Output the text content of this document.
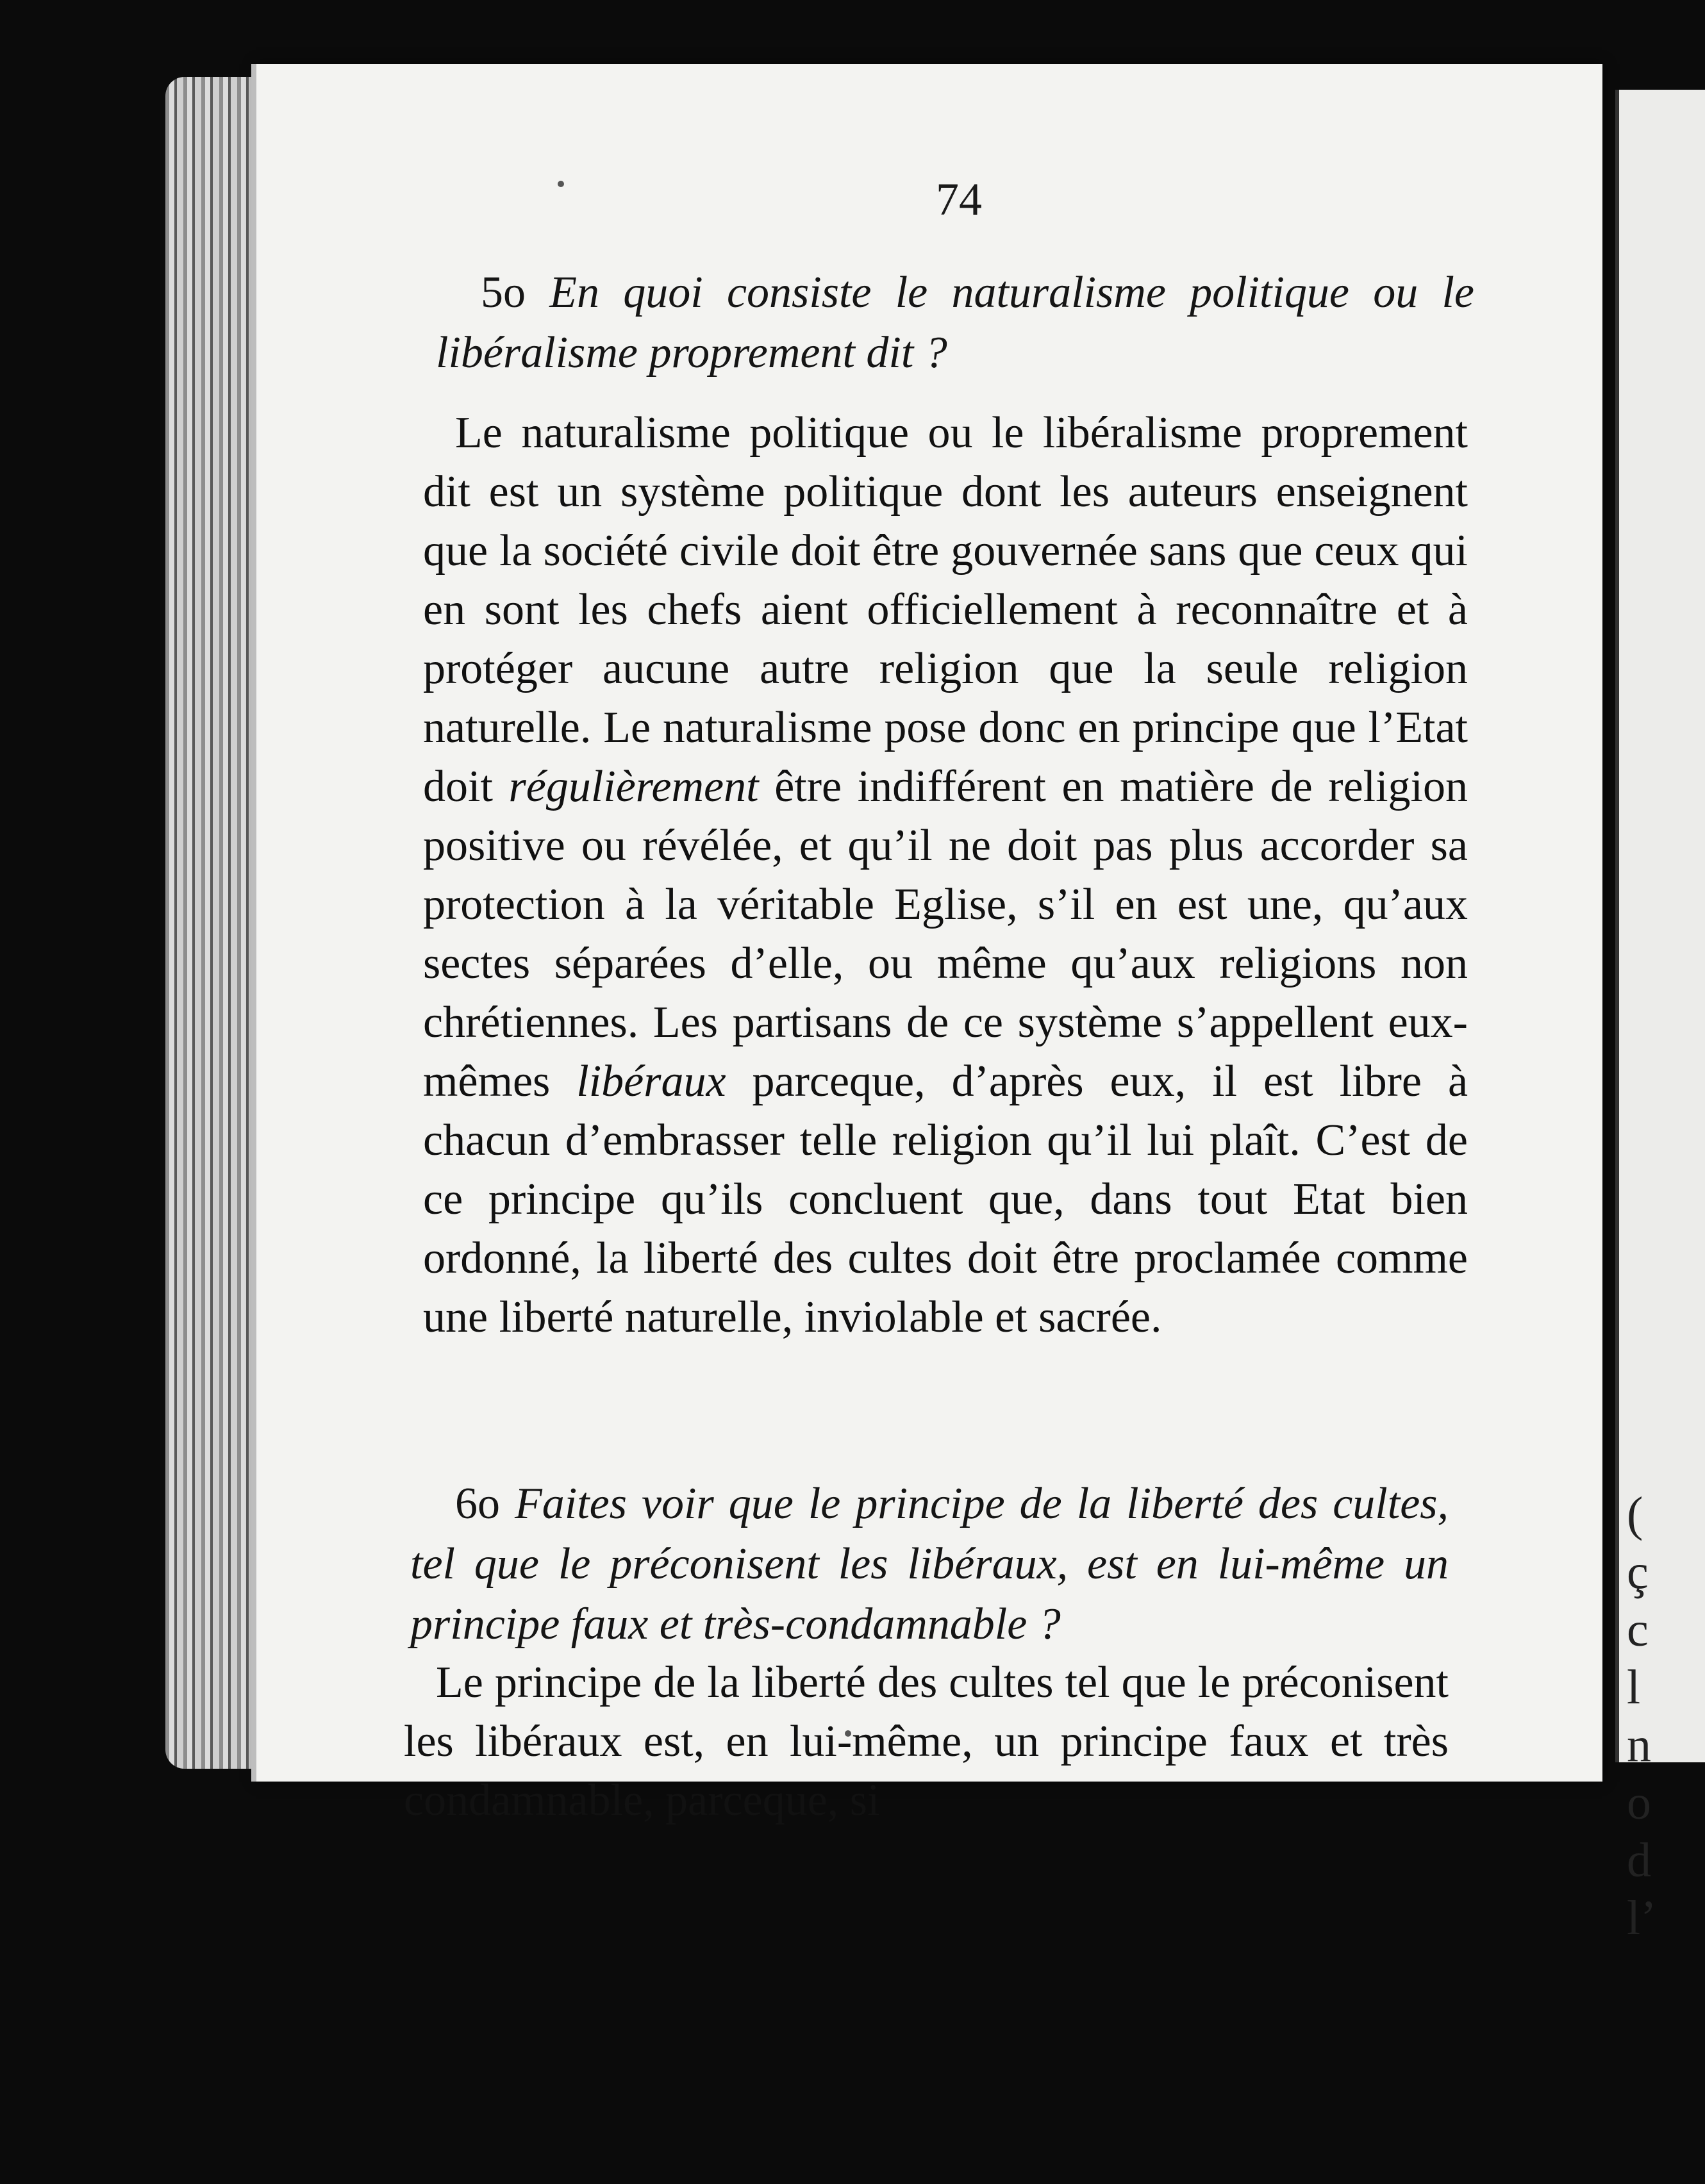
(
ç
c
l
n
o
d
l’
74
5o En quoi consiste le naturalisme politique ou le libéralisme proprement dit ?

Le naturalisme politique ou le libéralisme proprement dit est un système politique dont les auteurs enseignent que la société civile doit être gouvernée sans que ceux qui en sont les chefs aient officiellement à reconnaître et à protéger aucune autre religion que la seule religion naturelle. Le naturalisme pose donc en principe que l’Etat doit régulièrement être indifférent en matière de religion positive ou révélée, et qu’il ne doit pas plus accorder sa protection à la véritable Eglise, s’il en est une, qu’aux sectes séparées d’elle, ou même qu’aux religions non chrétiennes. Les partisans de ce système s’appellent eux-mêmes libéraux parceque, d’après eux, il est libre à chacun d’embrasser telle religion qu’il lui plaît. C’est de ce principe qu’ils concluent que, dans tout Etat bien ordonné, la liberté des cultes doit être proclamée comme une liberté naturelle, inviolable et sacrée.

6o Faites voir que le principe de la liberté des cultes, tel que le préconisent les libéraux, est en lui-même un principe faux et très-condamnable ?

Le principe de la liberté des cultes tel que le préconisent les libéraux est, en lui-même, un principe faux et très condamnable, parceque, si
